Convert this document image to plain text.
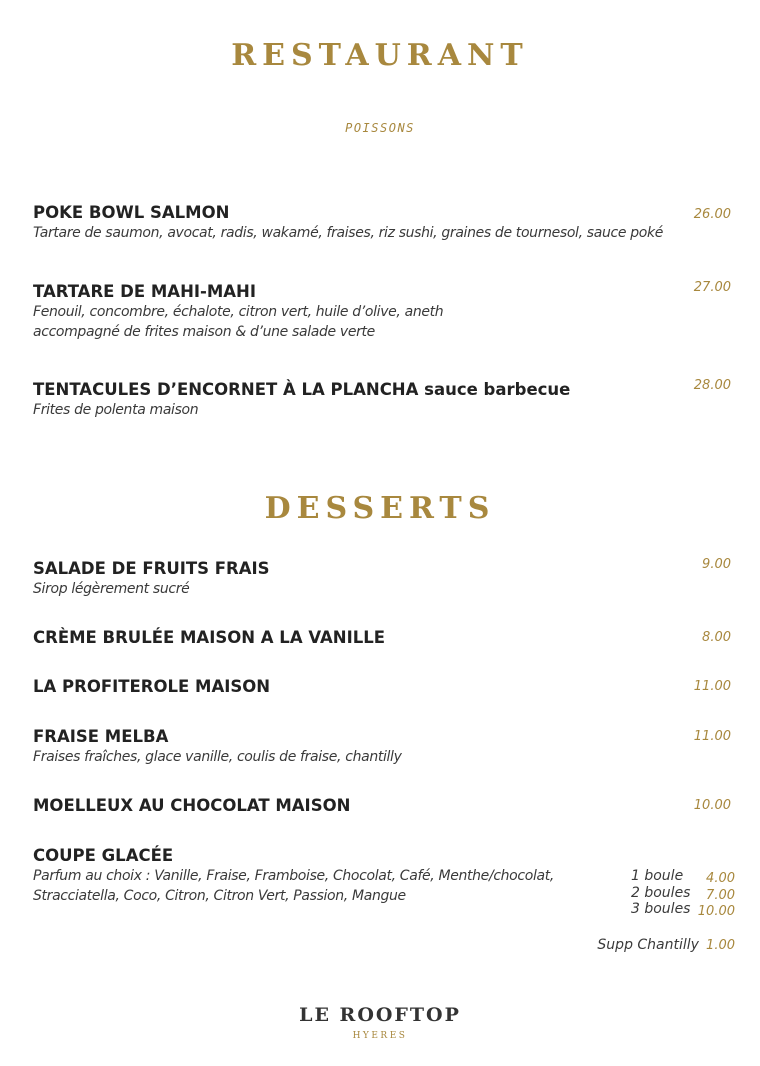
RESTAURANT
POISSONS
POKE BOWL SALMON
Tartare de saumon, avocat, radis, wakamé, fraises, riz sushi, graines de tournesol, sauce poké
26.00
TARTARE DE MAHI-MAHI
Fenouil, concombre, échalote, citron vert, huile d’olive, aneth
accompagné de frites maison & d’une salade verte
27.00
TENTACULES D’ENCORNET À LA PLANCHA sauce barbecue
Frites de polenta maison
28.00
DESSERTS
SALADE DE FRUITS FRAIS
Sirop légèrement sucré
9.00
CRÈME BRULÉE MAISON A LA VANILLE	8.00
LA PROFITEROLE MAISON	11.00
FRAISE MELBA
Fraises fraîches, glace vanille, coulis de fraise, chantilly
11.00
MOELLEUX AU CHOCOLAT MAISON	10.00
COUPE GLACÉE
Parfum au choix : Vanille, Fraise, Framboise, Chocolat, Café, Menthe/chocolat,
Stracciatella, Coco, Citron, Citron Vert, Passion, Mangue
1 boule 4.00
2 boules 7.00
3 boules 10.00
Supp Chantilly 1.00
LE ROOFTOP
HYERES
